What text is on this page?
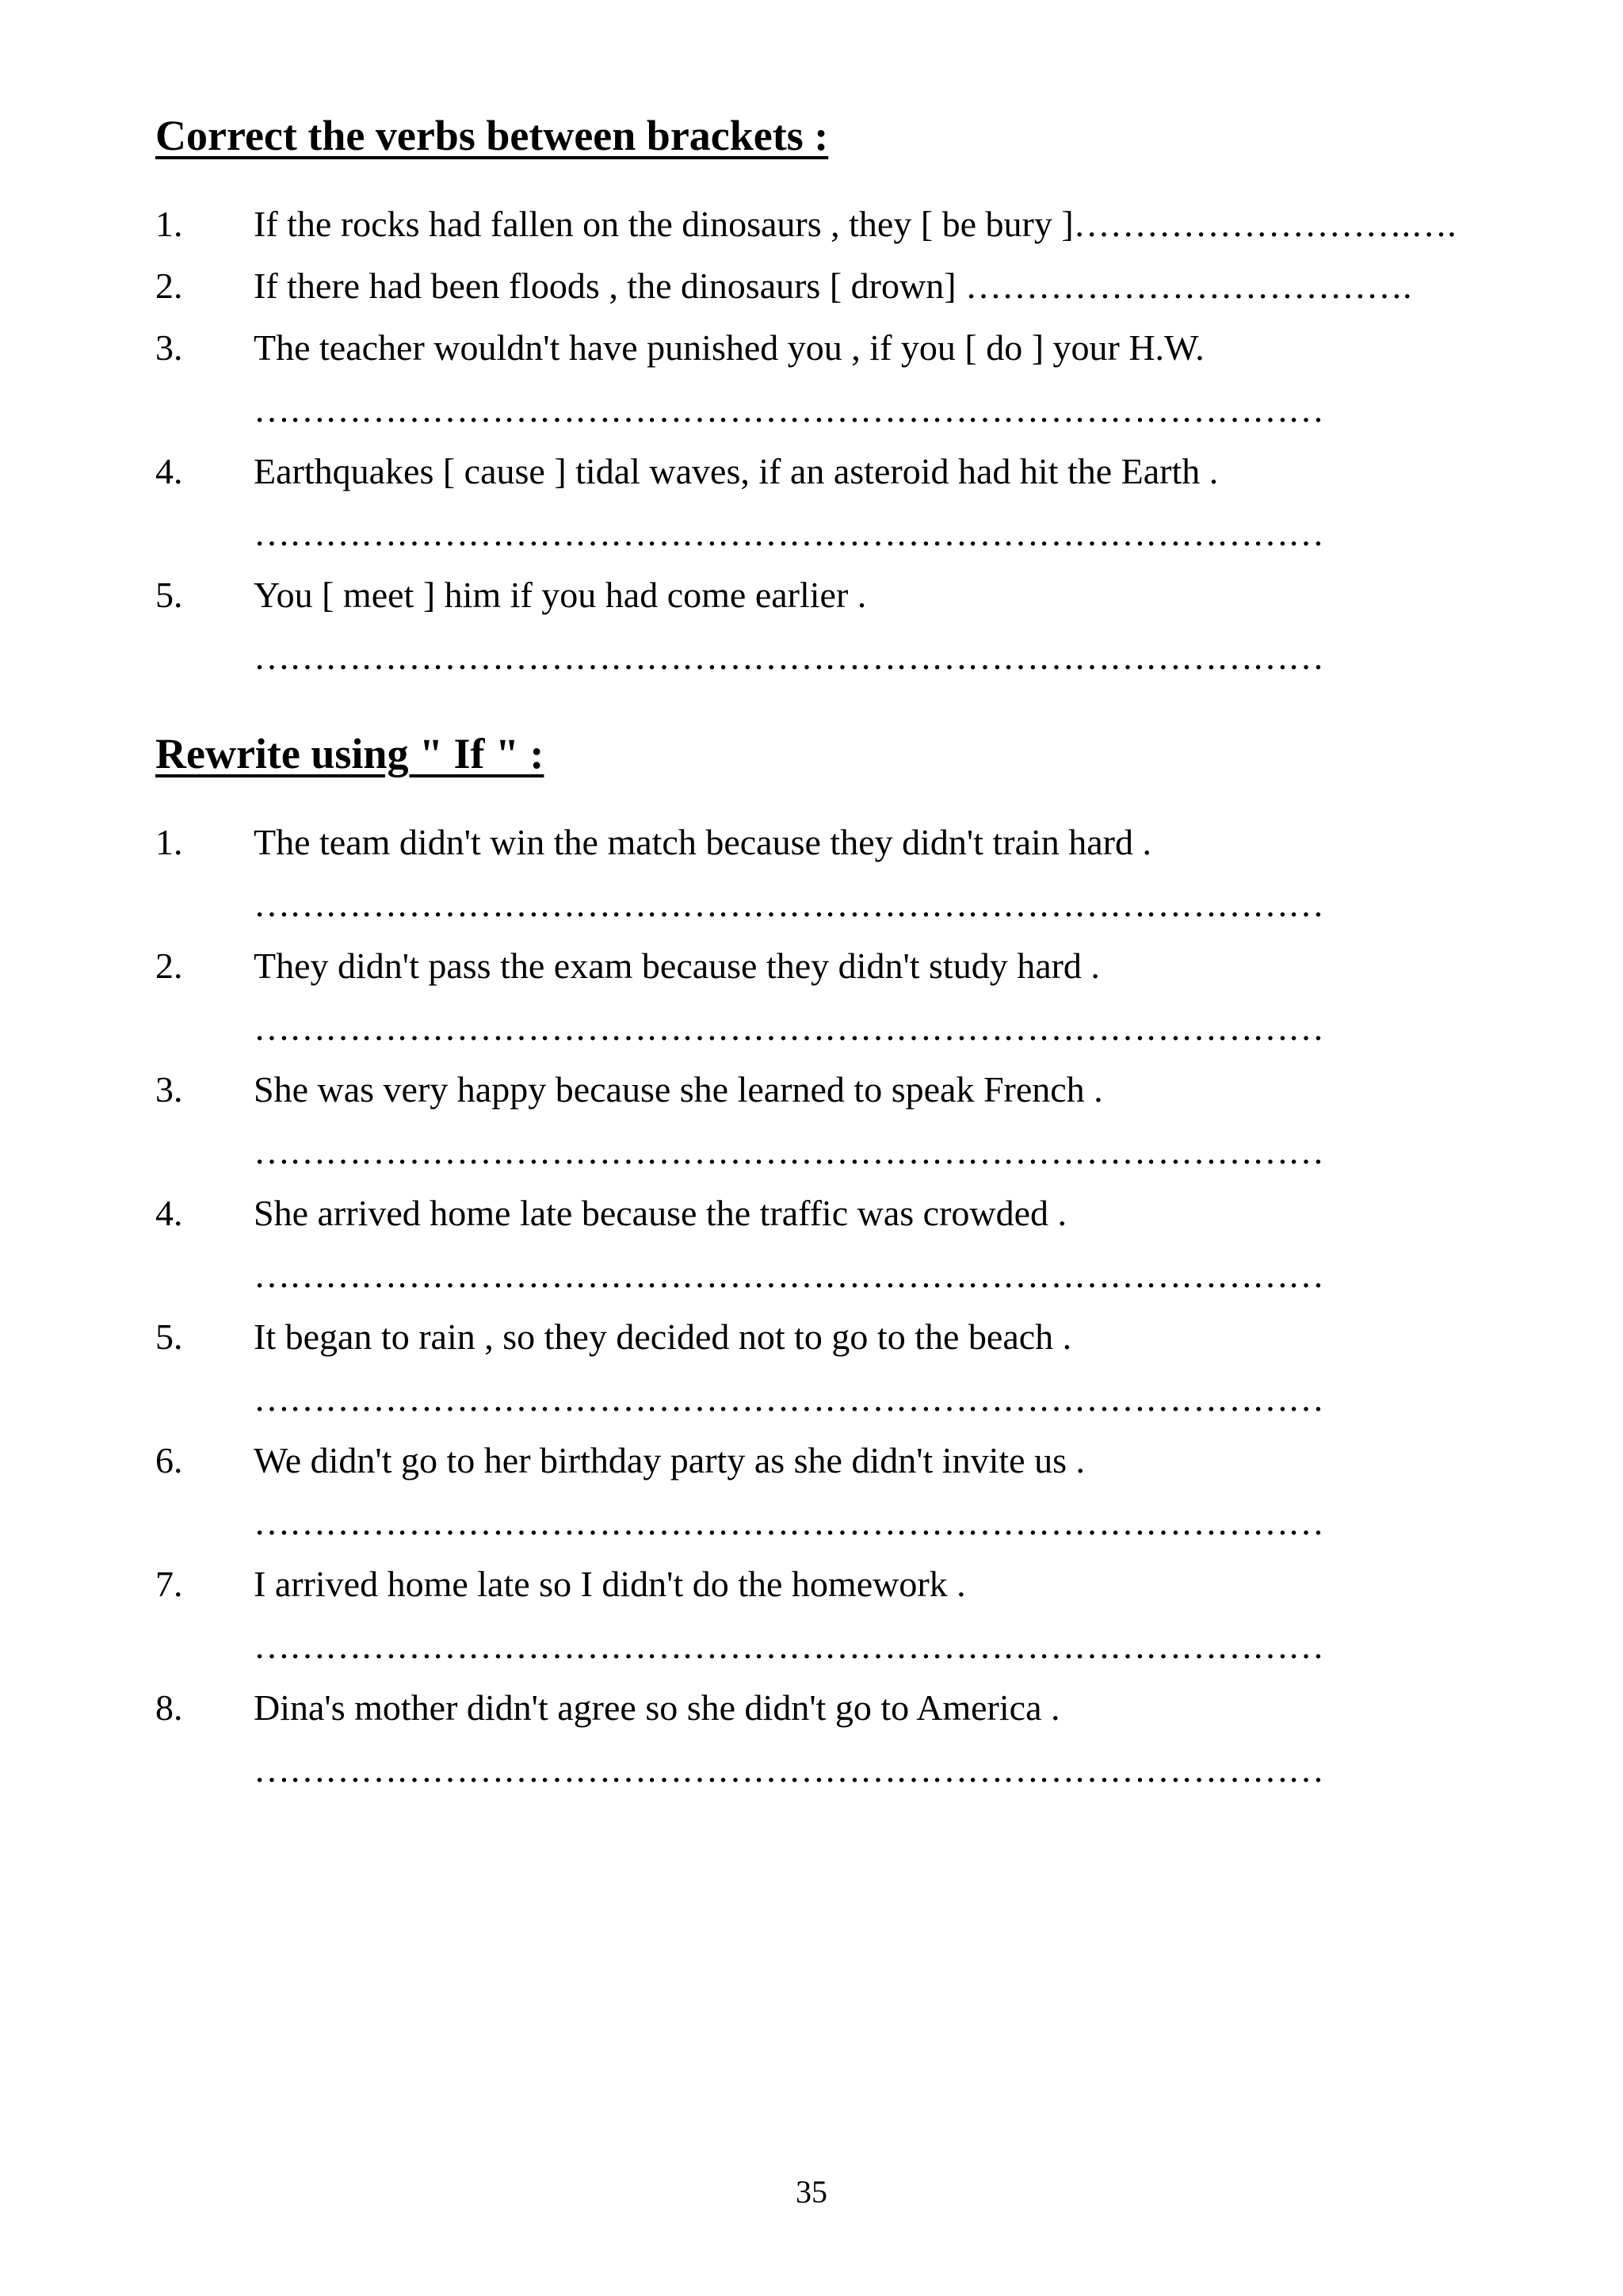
Correct the verbs between brackets :
1. If the rocks had fallen on the dinosaurs , they [ be bury ]……………………….….
2. If there had been floods , the dinosaurs [ drown] ……………………………….
3. The teacher wouldn't have punished you , if you [ do ] your H.W.
………………………………………………………………………………
4. Earthquakes [ cause ] tidal waves, if an asteroid had hit the Earth .
………………………………………………………………………………
5. You [ meet ] him if you had come earlier .
………………………………………………………………………………
Rewrite using " If " :
1. The team didn't win the match because they didn't train hard .
………………………………………………………………………………
2. They didn't pass the exam because they didn't study hard .
………………………………………………………………………………
3. She was very happy because she learned to speak French .
………………………………………………………………………………
4. She arrived home late because the traffic was crowded .
………………………………………………………………………………
5. It began to rain , so they decided not to go to the beach .
………………………………………………………………………………
6. We didn't go to her birthday party as she didn't invite us .
………………………………………………………………………………
7. I arrived home late so I didn't do the homework .
………………………………………………………………………………
8. Dina's mother didn't agree so she didn't go to America .
………………………………………………………………………………
35
